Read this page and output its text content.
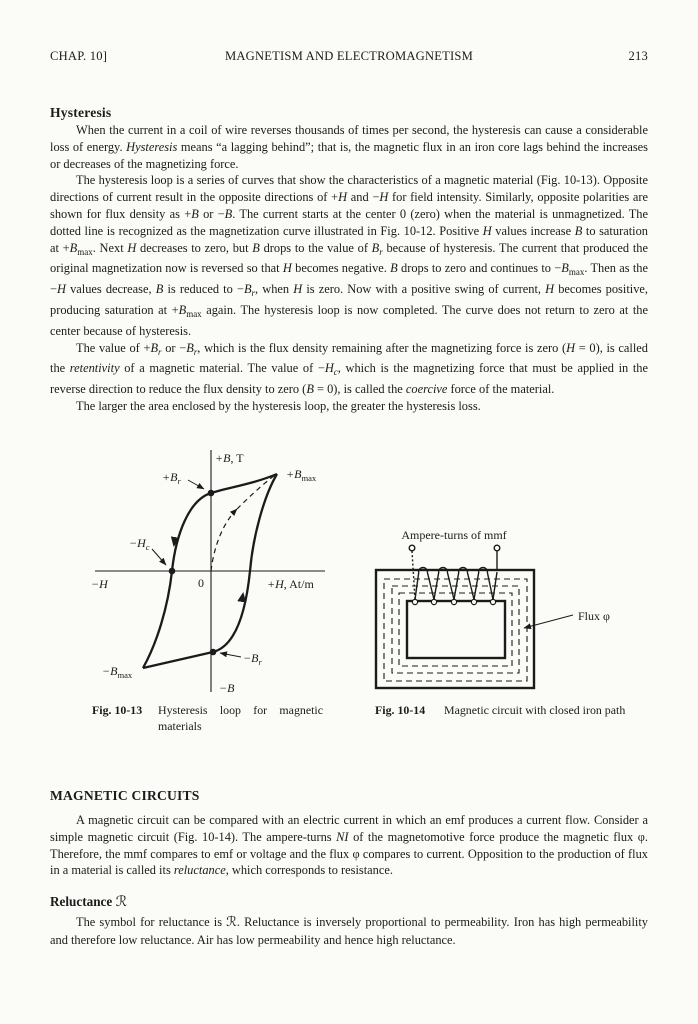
MAGNETISM AND ELECTROMAGNETISM
CHAP. 10]	213
Hysteresis

When the current in a coil of wire reverses thousands of times per second, the hysteresis can cause a considerable loss of energy. Hysteresis means “a lagging behind”; that is, the magnetic flux in an iron core lags behind the increases or decreases of the magnetizing force.

The hysteresis loop is a series of curves that show the characteristics of a magnetic material (Fig. 10-13). Opposite directions of current result in the opposite directions of +H and −H for field intensity. Similarly, opposite polarities are shown for flux density as +B or −B. The current starts at the center 0 (zero) when the material is unmagnetized. The dotted line is recognized as the magnetization curve illustrated in Fig. 10-12. Positive H values increase B to saturation at $+B_{max}$. Next H decreases to zero, but B drops to the value of $B_r$ because of hysteresis. The current that produced the original magnetization now is reversed so that H becomes negative. B drops to zero and continues to $-B_{max}$. Then as the −H values decrease, B is reduced to $-B_r$, when H is zero. Now with a positive swing of current, H becomes positive, producing saturation at $+B_{max}$ again. The hysteresis loop is now completed. The curve does not return to zero at the center because of hysteresis.

The value of $+B_r$ or $-B_r$, which is the flux density remaining after the magnetizing force is zero (H = 0), is called the retentivity of a magnetic material. The value of $-H_c$, which is the magnetizing force that must be applied in the reverse direction to reduce the flux density to zero (B = 0), is called the coercive force of the material.

The larger the area enclosed by the hysteresis loop, the greater the hysteresis loss.

+B, T
$+B_{max}$
$+B_r$
$-H_c$
−H	0	+H, At/m
$-B_r$
$-B_{max}$
−B
Ampere-turns of mmf
Flux φ
Fig. 10-13	Hysteresis loop for magnetic materials
Fig. 10-14	Magnetic circuit with closed iron path
MAGNETIC CIRCUITS

A magnetic circuit can be compared with an electric current in which an emf produces a current flow. Consider a simple magnetic circuit (Fig. 10-14). The ampere-turns NI of the magnetomotive force produce the magnetic flux φ. Therefore, the mmf compares to emf or voltage and the flux φ compares to current. Opposition to the production of flux in a material is called its reluctance, which corresponds to resistance.

Reluctance ℛ

The symbol for reluctance is ℛ. Reluctance is inversely proportional to permeability. Iron has high permeability and therefore low reluctance. Air has low permeability and hence high reluctance.
